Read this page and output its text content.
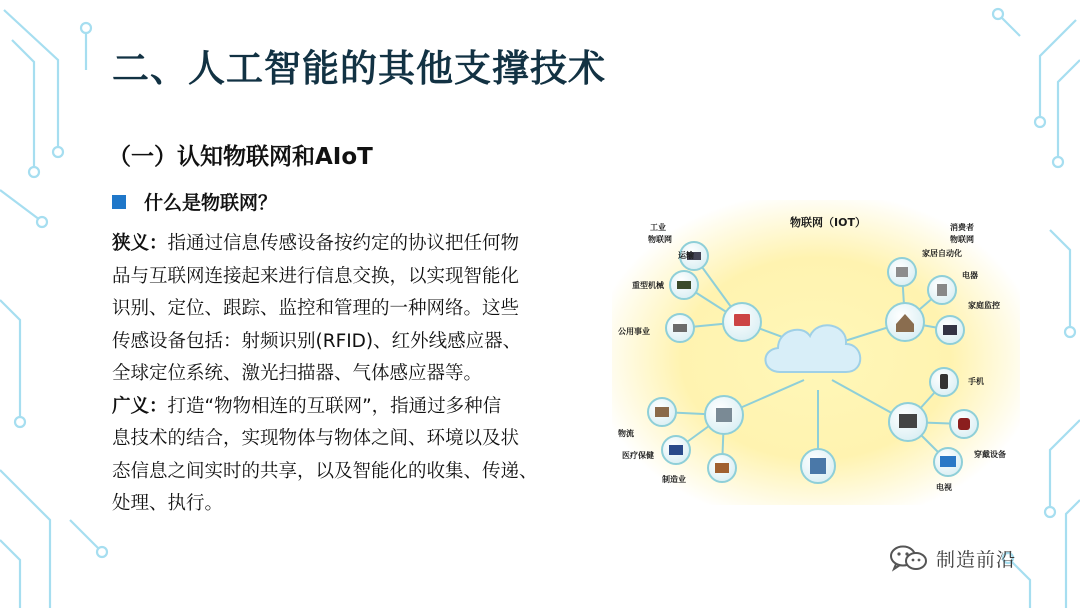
二、人工智能的其他支撑技术
（一）认知物联网和AIoT
什么是物联网？
狭义：指通过信息传感设备按约定的协议把任何物
品与互联网连接起来进行信息交换，以实现智能化
识别、定位、跟踪、监控和管理的一种网络。这些
传感设备包括：射频识别(RFID)、红外线感应器、
全球定位系统、激光扫描器、气体感应器等。
广义：打造“物物相连的互联网”，指通过多种信
息技术的结合，实现物体与物体之间、环境以及状
态信息之间实时的共享，以及智能化的收集、传递、
处理、执行。
物联网（IOT）
工业
物联网
消费者
物联网
运输
重型机械
公用事业
家居自动化
电器
家庭监控
物流
医疗保健
制造业
手机
穿戴设备
电视
制造前沿
